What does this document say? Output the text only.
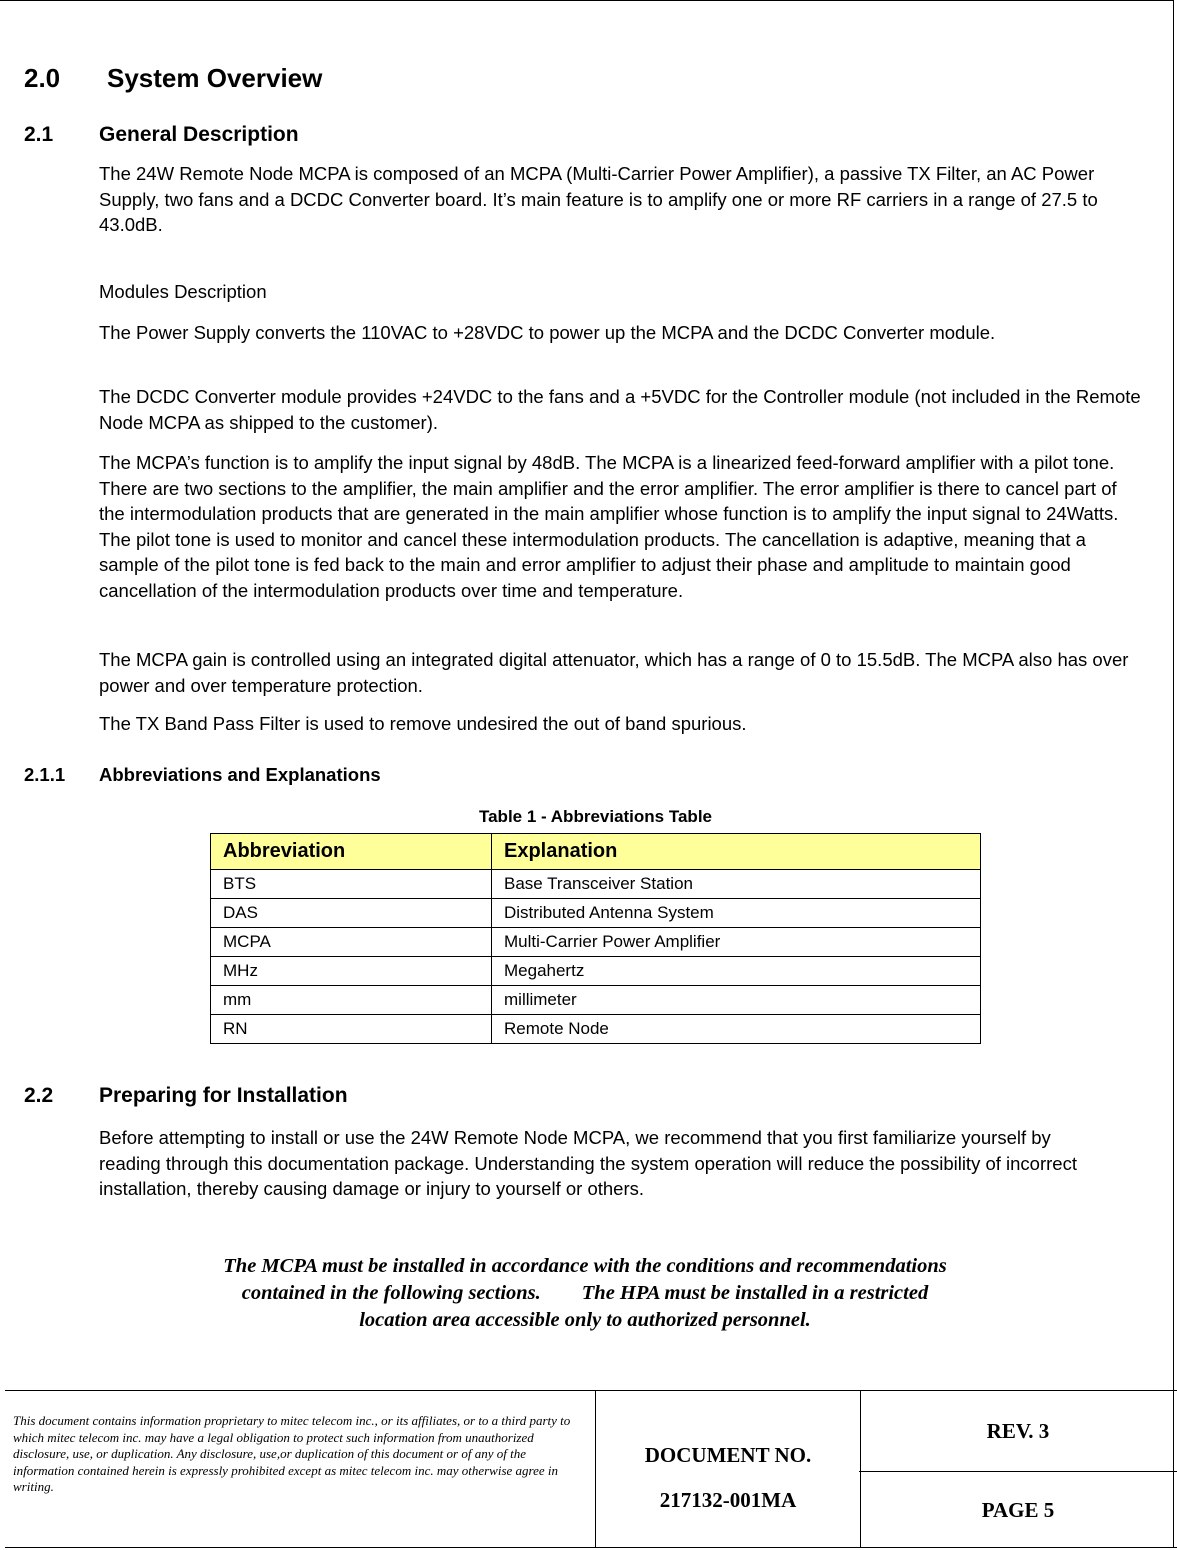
2.0 System Overview
2.1 General Description
The 24W Remote Node MCPA is composed of an MCPA (Multi-Carrier Power Amplifier), a passive TX Filter, an AC Power Supply, two fans and a DCDC Converter board. It’s main feature is to amplify one or more RF carriers in a range of 27.5 to 43.0dB.
Modules Description
The Power Supply converts the 110VAC to +28VDC to power up the MCPA and the DCDC Converter module.
The DCDC Converter module provides +24VDC to the fans and a +5VDC for the Controller module (not included in the Remote Node MCPA as shipped to the customer).
The MCPA’s function is to amplify the input signal by 48dB. The MCPA is a linearized feed-forward amplifier with a pilot tone. There are two sections to the amplifier, the main amplifier and the error amplifier. The error amplifier is there to cancel part of the intermodulation products that are generated in the main amplifier whose function is to amplify the input signal to 24Watts. The pilot tone is used to monitor and cancel these intermodulation products. The cancellation is adaptive, meaning that a sample of the pilot tone is fed back to the main and error amplifier to adjust their phase and amplitude to maintain good cancellation of the intermodulation products over time and temperature.
The MCPA gain is controlled using an integrated digital attenuator, which has a range of 0 to 15.5dB. The MCPA also has over power and over temperature protection.
The TX Band Pass Filter is used to remove undesired the out of band spurious.
2.1.1 Abbreviations and Explanations
Table 1 - Abbreviations Table
Abbreviation	Explanation
BTS	Base Transceiver Station
DAS	Distributed Antenna System
MCPA	Multi-Carrier Power Amplifier
MHz	Megahertz
mm	millimeter
RN	Remote Node
2.2 Preparing for Installation
Before attempting to install or use the 24W Remote Node MCPA, we recommend that you first familiarize yourself by reading through this documentation package. Understanding the system operation will reduce the possibility of incorrect installation, thereby causing damage or injury to yourself or others.
The MCPA must be installed in accordance with the conditions and recommendations
contained in the following sections.        The HPA must be installed in a restricted
location area accessible only to authorized personnel.
This document contains information proprietary to mitec telecom inc., or its affiliates, or to a third party to which mitec telecom inc. may have a legal obligation to protect such information from unauthorized disclosure, use, or duplication. Any disclosure, use,or duplication of this document or of any of the information contained herein is expressly prohibited except as mitec telecom inc. may otherwise agree in writing.
DOCUMENT NO.
217132-001MA
REV. 3
PAGE 5
